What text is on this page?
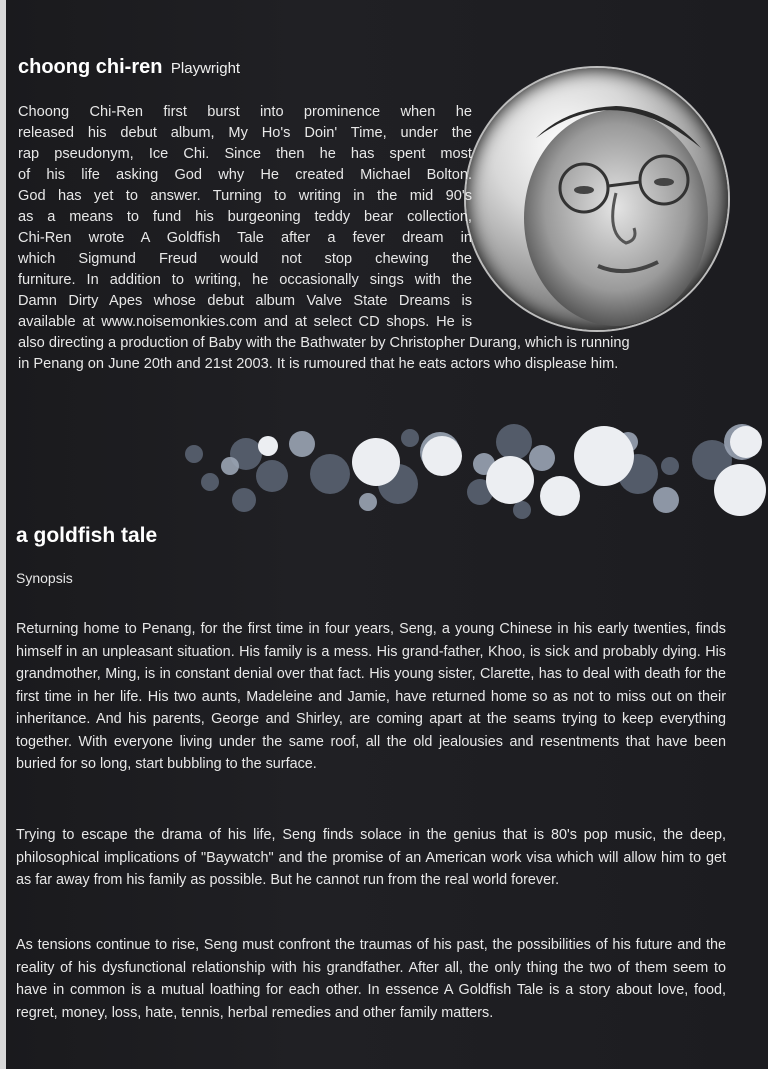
choong chi-ren Playwright
Choong Chi-Ren first burst into prominence when he
released his debut album, My Ho's Doin' Time, under the
rap pseudonym, Ice Chi. Since then he has spent most
of his life asking God why He created Michael Bolton.
God has yet to answer. Turning to writing in the mid 90's
as a means to fund his burgeoning teddy bear collection,
Chi-Ren wrote A Goldfish Tale after a fever dream in
which Sigmund Freud would not stop chewing the
furniture. In addition to writing, he occasionally sings with the
Damn Dirty Apes whose debut album Valve State Dreams is
available at www.noisemonkies.com and at select CD shops. He is
also directing a production of Baby with the Bathwater by Christopher Durang, which is running
in Penang on June 20th and 21st 2003. It is rumoured that he eats actors who displease him.
a goldfish tale

Synopsis

Returning home to Penang, for the first time in four years, Seng, a young Chinese in his early twenties, finds himself in an unpleasant situation. His family is a mess. His grand-father, Khoo, is sick and probably dying. His grandmother, Ming, is in constant denial over that fact. His young sister, Clarette, has to deal with death for the first time in her life. His two aunts, Madeleine and Jamie, have returned home so as not to miss out on their inheritance. And his parents, George and Shirley, are coming apart at the seams trying to keep everything together. With everyone living under the same roof, all the old jealousies and resentments that have been buried for so long, start bubbling to the surface.

Trying to escape the drama of his life, Seng finds solace in the genius that is 80's pop music, the deep, philosophical implications of "Baywatch" and the promise of an American work visa which will allow him to get as far away from his family as possible. But he cannot run from the real world forever.

As tensions continue to rise, Seng must confront the traumas of his past, the possibilities of his future and the reality of his dysfunctional relationship with his grandfather. After all, the only thing the two of them seem to have in common is a mutual loathing for each other. In essence A Goldfish Tale is a story about love, food, regret, money, loss, hate, tennis, herbal remedies and other family matters.
